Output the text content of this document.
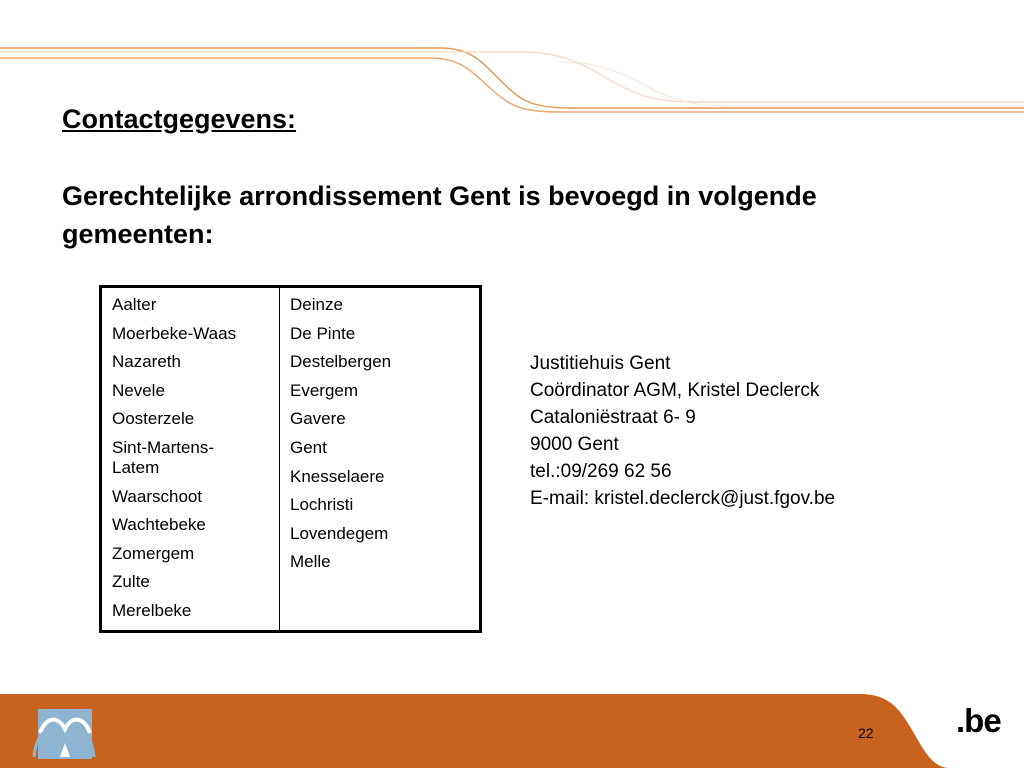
Contactgegevens:
Gerechtelijke arrondissement Gent is bevoegd in volgende gemeenten:
Aalter
Moerbeke-Waas
Nazareth
Nevele
Oosterzele
Sint-Martens-Latem
Waarschoot
Wachtebeke
Zomergem
Zulte
Merelbeke
Deinze
De Pinte
Destelbergen
Evergem
Gavere
Gent
Knesselaere
Lochristi
Lovendegem
Melle
Justitiehuis Gent
Coördinator AGM, Kristel Declerck
Cataloniëstraat 6- 9
9000 Gent
tel.:09/269 62 56
E-mail: kristel.declerck@just.fgov.be
22 .be
